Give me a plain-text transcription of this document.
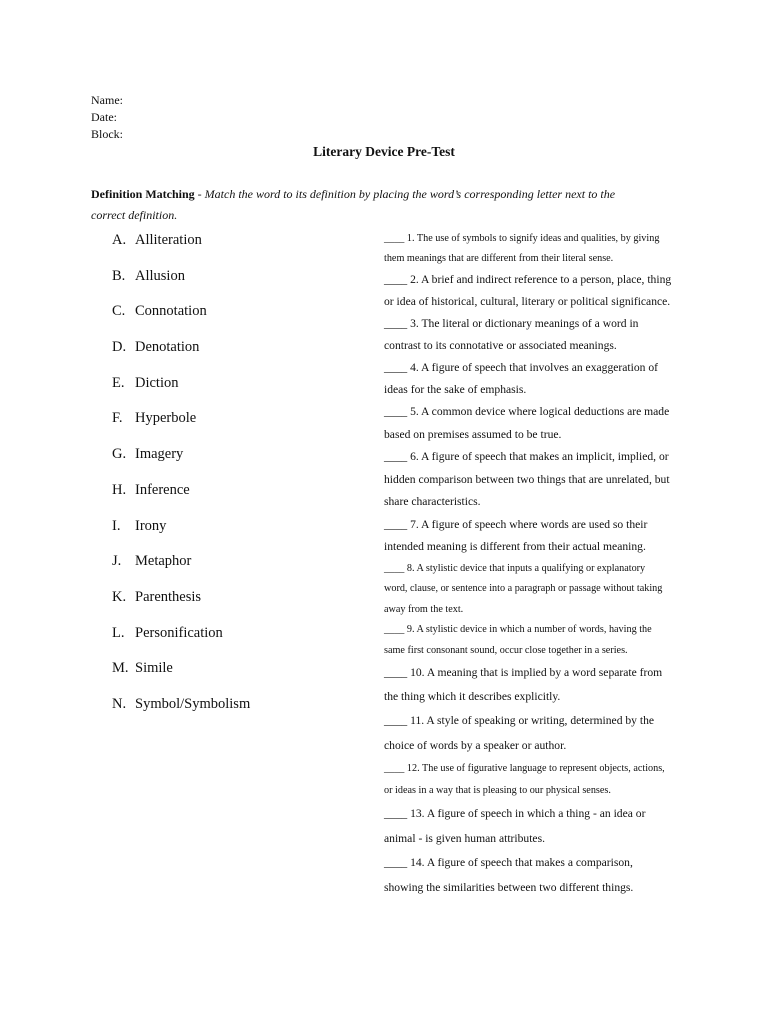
Name:
Date:
Block:
Literary Device Pre-Test
Definition Matching - Match the word to its definition by placing the word’s corresponding letter next to the
correct definition.
A. Alliteration
B. Allusion
C. Connotation
D. Denotation
E. Diction
F. Hyperbole
G. Imagery
H. Inference
I.	Irony
J. Metaphor
K. Parenthesis
L. Personification
M. Simile
N. Symbol/Symbolism
____ 1. The use of symbols to signify ideas and qualities, by giving
them meanings that are different from their literal sense.
____ 2. A brief and indirect reference to a person, place, thing
or idea of historical, cultural, literary or political significance.
____ 3. The literal or dictionary meanings of a word in
contrast to its connotative or associated meanings.
____ 4. A figure of speech that involves an exaggeration of
ideas for the sake of emphasis.
____ 5. A common device where logical deductions are made
based on premises assumed to be true.
____ 6. A figure of speech that makes an implicit, implied, or
hidden comparison between two things that are unrelated, but
share characteristics.
____ 7. A figure of speech where words are used so their
intended meaning is different from their actual meaning.
____ 8. A stylistic device that inputs a qualifying or explanatory
word, clause, or sentence into a paragraph or passage without taking
away from the text.
____ 9. A stylistic device in which a number of words, having the
same first consonant sound, occur close together in a series.
____ 10. A meaning that is implied by a word separate from
the thing which it describes explicitly.
____ 11. A style of speaking or writing, determined by the
choice of words by a speaker or author.
____ 12. The use of figurative language to represent objects, actions,
or ideas in a way that is pleasing to our physical senses.
____ 13. A figure of speech in which a thing - an idea or
animal - is given human attributes.
____ 14. A figure of speech that makes a comparison,
showing the similarities between two different things.
